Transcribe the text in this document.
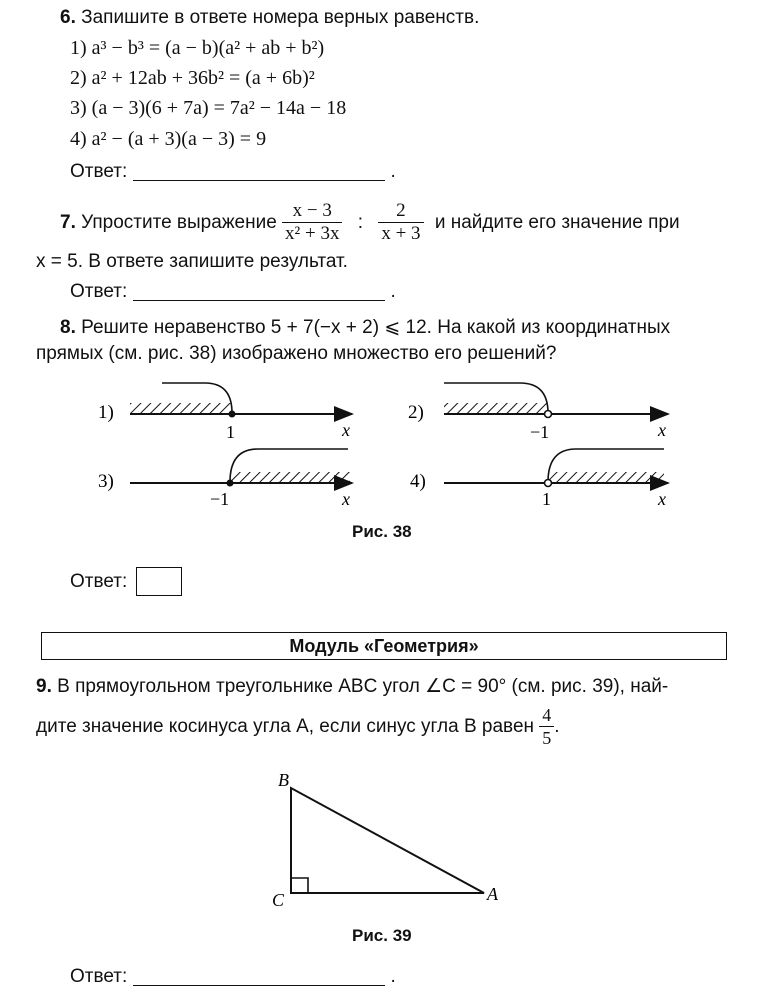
6. Запишите в ответе номера верных равенств.
1) a³ − b³ = (a − b)(a² + ab + b²)
2) a² + 12ab + 36b² = (a + 6b)²
3) (a − 3)(6 + 7a) = 7a² − 14a − 18
4) a² − (a + 3)(a − 3) = 9
Ответ:	.
7. Упростите выражение $\frac{x - 3}{\text{x² + 3x}}$ : $\frac{2}{x + 3}$ и найдите его значение при
x = 5. В ответе запишите результат.
Ответ:	.
8. Решите неравенство 5 + 7(−x + 2) ⩽ 12. На какой из координатных
прямых (см. рис. 38) изображено множество его решений?
1)
1	x
2)
−1	x
3)
−1	x
4)
1	x
Рис. 38
Ответ:
Модуль «Геометрия»
9. В прямоугольном треугольнике ABC угол ∠C = 90° (см. рис. 39), най-
дите значение косинуса угла A, если синус угла B равен $\frac{4}{5}$ .
B
C	A
Рис. 39
Ответ:	.
